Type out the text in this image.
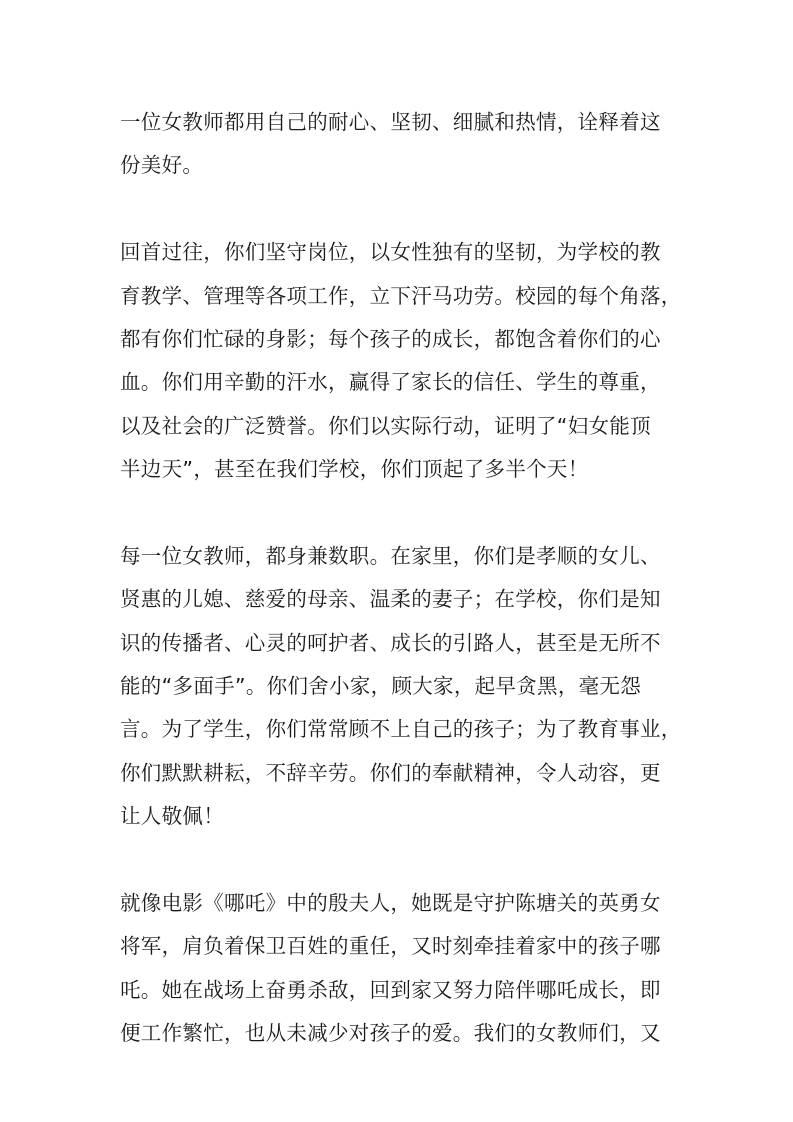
一位女教师都用自己的耐心、坚韧、细腻和热情，诠释着这
份美好。

回首过往，你们坚守岗位，以女性独有的坚韧，为学校的教
育教学、管理等各项工作，立下汗马功劳。校园的每个角落，
都有你们忙碌的身影；每个孩子的成长，都饱含着你们的心
血。你们用辛勤的汗水，赢得了家长的信任、学生的尊重，
以及社会的广泛赞誉。你们以实际行动，证明了“妇女能顶
半边天”，甚至在我们学校，你们顶起了多半个天！

每一位女教师，都身兼数职。在家里，你们是孝顺的女儿、
贤惠的儿媳、慈爱的母亲、温柔的妻子；在学校，你们是知
识的传播者、心灵的呵护者、成长的引路人，甚至是无所不
能的“多面手”。你们舍小家，顾大家，起早贪黑，毫无怨
言。为了学生，你们常常顾不上自己的孩子；为了教育事业，
你们默默耕耘，不辞辛劳。你们的奉献精神，令人动容，更
让人敬佩！

就像电影《哪吒》中的殷夫人，她既是守护陈塘关的英勇女
将军，肩负着保卫百姓的重任，又时刻牵挂着家中的孩子哪
吒。她在战场上奋勇杀敌，回到家又努力陪伴哪吒成长，即
便工作繁忙，也从未减少对孩子的爱。我们的女教师们，又
